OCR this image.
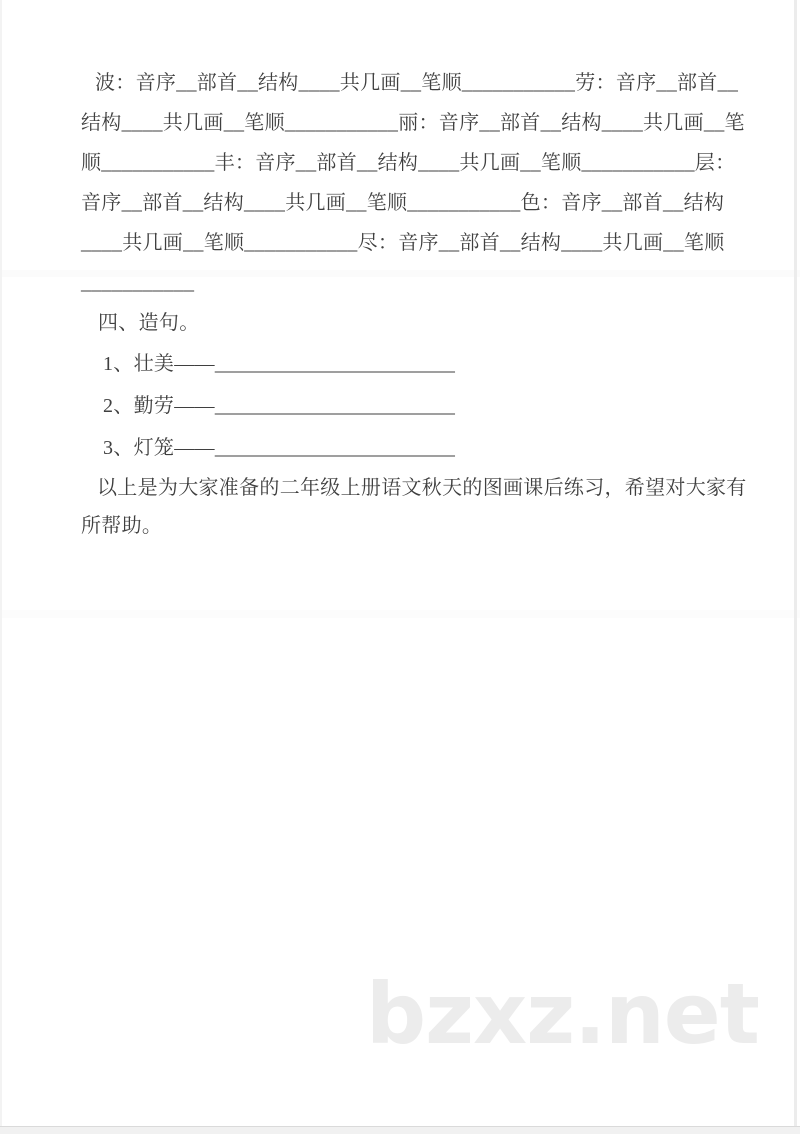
波：音序__部首__结构____共几画__笔顺___________劳：音序__部首__
结构____共几画__笔顺___________丽：音序__部首__结构____共几画__笔
顺___________丰：音序__部首__结构____共几画__笔顺___________层：
音序__部首__结构____共几画__笔顺___________色：音序__部首__结构
____共几画__笔顺___________尽：音序__部首__结构____共几画__笔顺
___________
四、造句。
1、壮美——________________________
2、勤劳——________________________
3、灯笼——________________________
以上是为大家准备的二年级上册语文秋天的图画课后练习，希望对大家有
所帮助。
bzxz.net
